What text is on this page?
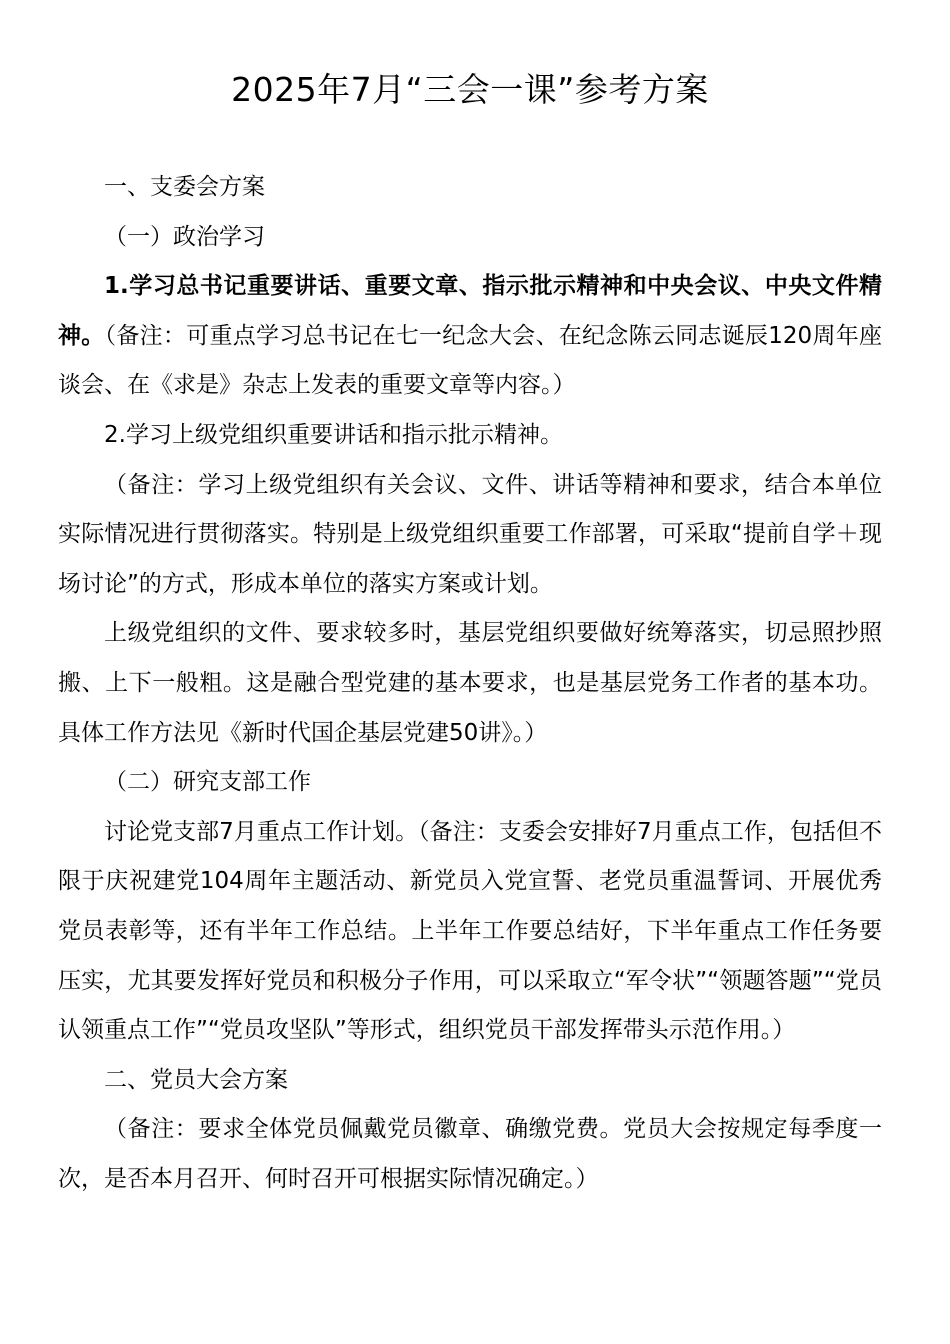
2025年7月“三会一课”参考方案

一、支委会方案

（一）政治学习

1.学习总书记重要讲话、重要文章、指示批示精神和中央会议、中央文件精神。（备注：可重点学习总书记在七一纪念大会、在纪念陈云同志诞辰120周年座谈会、在《求是》杂志上发表的重要文章等内容。）

2.学习上级党组织重要讲话和指示批示精神。

（备注：学习上级党组织有关会议、文件、讲话等精神和要求，结合本单位实际情况进行贯彻落实。特别是上级党组织重要工作部署，可采取“提前自学＋现场讨论”的方式，形成本单位的落实方案或计划。

上级党组织的文件、要求较多时，基层党组织要做好统筹落实，切忌照抄照搬、上下一般粗。这是融合型党建的基本要求，也是基层党务工作者的基本功。具体工作方法见《新时代国企基层党建50讲》。）

（二）研究支部工作

讨论党支部7月重点工作计划。（备注：支委会安排好7月重点工作，包括但不限于庆祝建党104周年主题活动、新党员入党宣誓、老党员重温誓词、开展优秀党员表彰等，还有半年工作总结。上半年工作要总结好，下半年重点工作任务要压实，尤其要发挥好党员和积极分子作用，可以采取立“军令状”“领题答题”“党员认领重点工作”“党员攻坚队”等形式，组织党员干部发挥带头示范作用。）

二、党员大会方案

（备注：要求全体党员佩戴党员徽章、确缴党费。党员大会按规定每季度一次，是否本月召开、何时召开可根据实际情况确定。）
